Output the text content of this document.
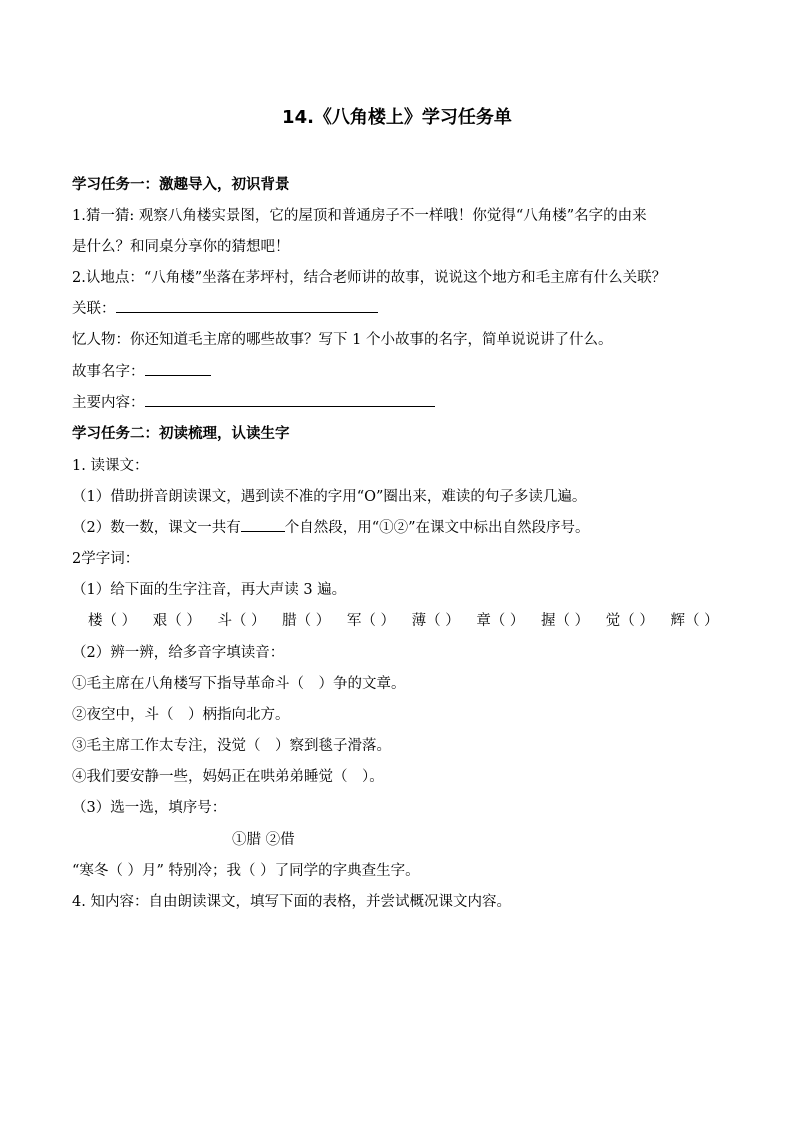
14.《八角楼上》学习任务单
学习任务一：激趣导入，初识背景
1.猜一猜: 观察八角楼实景图，它的屋顶和普通房子不一样哦！你觉得“八角楼”名字的由来
是什么？和同桌分享你的猜想吧！
2.认地点：“八角楼”坐落在茅坪村，结合老师讲的故事，说说这个地方和毛主席有什么关联？
关联：
忆人物：你还知道毛主席的哪些故事？写下 1 个小故事的名字，简单说说讲了什么。
故事名字：
主要内容：
学习任务二：初读梳理，认读生字
1. 读课文：
（1）借助拼音朗读课文，遇到读不准的字用“O”圈出来，难读的句子多读几遍。
（2）数一数，课文一共有	个自然段，用“①②”在课文中标出自然段序号。
2学字词：
（1）给下面的生字注音，再大声读 3 遍。
楼（ ） 艰（ ） 斗（ ） 腊（ ） 军（ ） 薄（ ） 章（ ） 握（ ） 觉（ ） 辉（ ）
（2）辨一辨，给多音字填读音：
①毛主席在八角楼写下指导革命斗（　）争的文章。
②夜空中，斗（　）柄指向北方。
③毛主席工作太专注，没觉（　）察到毯子滑落。
④我们要安静一些，妈妈正在哄弟弟睡觉（　）。
（3）选一选，填序号：
①腊 ②借
“寒冬（ ）月” 特别冷；我（ ）了同学的字典查生字。
4. 知内容：自由朗读课文，填写下面的表格，并尝试概况课文内容。
